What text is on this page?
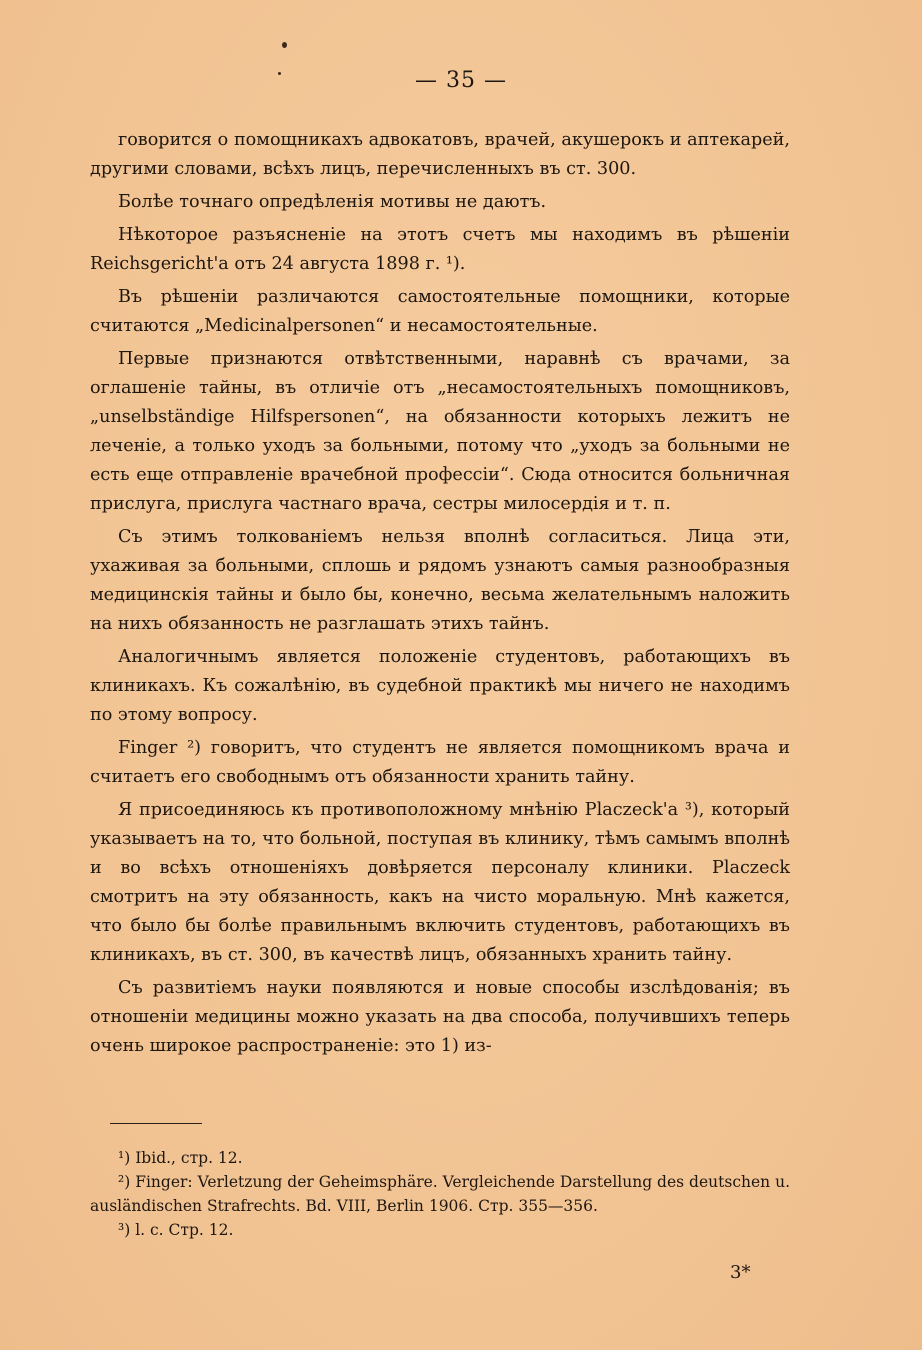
— 35 —

говорится о помощникахъ адвокатовъ, врачей, акушерокъ и аптекарей, другими словами, всѣхъ лицъ, перечисленныхъ въ ст. 300.

Болѣе точнаго опредѣленія мотивы не даютъ.

Нѣкоторое разъясненіе на этотъ счетъ мы находимъ въ рѣшеніи Reichsgericht'а отъ 24 августа 1898 г. ¹).

Въ рѣшеніи различаются самостоятельные помощники, которые считаются „Medicinalpersonen“ и несамостоятельные.

Первые признаются отвѣтственными, наравнѣ съ врачами, за оглашеніе тайны, въ отличіе отъ „несамостоятельныхъ помощниковъ, „unselbständige Hilfspersonen“, на обязанности которыхъ лежитъ не леченіе, а только уходъ за больными, потому что „уходъ за больными не есть еще отправленіе врачебной профессіи“. Сюда относится больничная прислуга, прислуга частнаго врача, сестры милосердія и т. п.

Съ этимъ толкованіемъ нельзя вполнѣ согласиться. Лица эти, ухаживая за больными, сплошь и рядомъ узнаютъ самыя разнообразныя медицинскія тайны и было бы, конечно, весьма желательнымъ наложить на нихъ обязанность не разглашать этихъ тайнъ.

Аналогичнымъ является положеніе студентовъ, работающихъ въ клиникахъ. Къ сожалѣнію, въ судебной практикѣ мы ничего не находимъ по этому вопросу.

Finger ²) говоритъ, что студентъ не является помощникомъ врача и считаетъ его свободнымъ отъ обязанности хранить тайну.

Я присоединяюсь къ противоположному мнѣнію Placzeck'а ³), который указываетъ на то, что больной, поступая въ клинику, тѣмъ самымъ вполнѣ и во всѣхъ отношеніяхъ довѣряется персоналу клиники. Placzeck смотритъ на эту обязанность, какъ на чисто моральную. Мнѣ кажется, что было бы болѣе правильнымъ включить студентовъ, работающихъ въ клиникахъ, въ ст. 300, въ качествѣ лицъ, обязанныхъ хранить тайну.

Съ развитіемъ науки появляются и новые способы изслѣдованія; въ отношеніи медицины можно указать на два способа, получившихъ теперь очень широкое распространеніе: это 1) из-

¹) Ibid., стр. 12.

²) Finger: Verletzung der Geheimsphäre. Vergleichende Darstellung des deutschen u. ausländischen Strafrechts. Bd. VIII, Berlin 1906. Стр. 355—356.

³) l. c. Стр. 12.

3*
